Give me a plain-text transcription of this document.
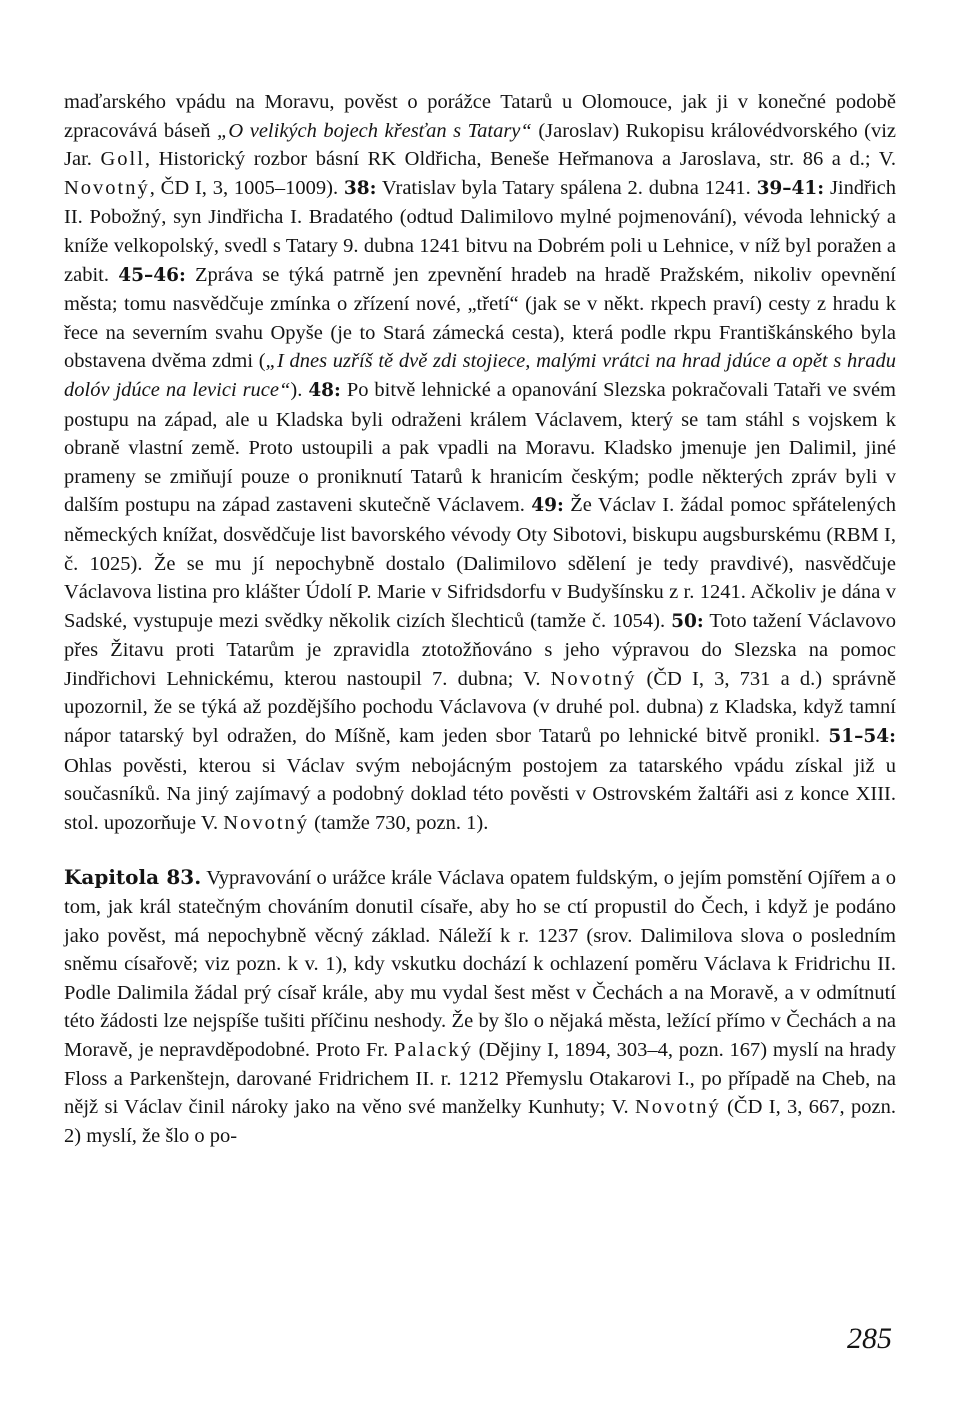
maďarského vpádu na Moravu, pověst o porážce Tatarů u Olomouce, jak ji v konečné podobě zpracovává báseň „O velikých bojech křesťan s Tatary“ (Jaroslav) Rukopisu královédvorského (viz Jar. Goll, Historický rozbor básní RK Oldřicha, Beneše Heřmanova a Jaroslava, str. 86 a d.; V. Novotný, ČD I, 3, 1005–1009). 38: Vratislav byla Tatary spálena 2. dubna 1241. 39–41: Jindřich II. Pobožný, syn Jindřicha I. Bradatého (odtud Dalimilovo mylné pojmenování), vévoda lehnický a kníže velkopolský, svedl s Tatary 9. dubna 1241 bitvu na Dobrém poli u Lehnice, v níž byl poražen a zabit. 45–46: Zpráva se týká patrně jen zpevnění hradeb na hradě Pražském, nikoliv opevnění města; tomu nasvědčuje zmínka o zřízení nové, „třetí“ (jak se v někt. rkpech praví) cesty z hradu k řece na severním svahu Opyše (je to Stará zámecká cesta), která podle rkpu Františkánského byla obstavena dvěma zdmi („I dnes uzříš tě dvě zdi stojiece, malými vrátci na hrad jdúce a opět s hradu dolóv jdúce na levici ruce“). 48: Po bitvě lehnické a opanování Slezska pokračovali Tataři ve svém postupu na západ, ale u Kladska byli odraženi králem Václavem, který se tam stáhl s vojskem k obraně vlastní země. Proto ustoupili a pak vpadli na Moravu. Kladsko jmenuje jen Dalimil, jiné prameny se zmiňují pouze o proniknutí Tatarů k hranicím českým; podle některých zpráv byli v dalším postupu na západ zastaveni skutečně Václavem. 49: Že Václav I. žádal pomoc spřátelených německých knížat, dosvědčuje list bavorského vévody Oty Sibotovi, biskupu augsburskému (RBM I, č. 1025). Že se mu jí nepochybně dostalo (Dalimilovo sdělení je tedy pravdivé), nasvědčuje Václavova listina pro klášter Údolí P. Marie v Sifridsdorfu v Budyšínsku z r. 1241. Ačkoliv je dána v Sadské, vystupuje mezi svědky několik cizích šlechticů (tamže č. 1054). 50: Toto tažení Václavovo přes Žitavu proti Tatarům je zpravidla ztotožňováno s jeho výpravou do Slezska na pomoc Jindřichovi Lehnickému, kterou nastoupil 7. dubna; V. Novotný (ČD I, 3, 731 a d.) správně upozornil, že se týká až pozdějšího pochodu Václavova (v druhé pol. dubna) z Kladska, když tamní nápor tatarský byl odražen, do Míšně, kam jeden sbor Tatarů po lehnické bitvě pronikl. 51–54: Ohlas pověsti, kterou si Václav svým nebojácným postojem za tatarského vpádu získal již u současníků. Na jiný zajímavý a podobný doklad této pověsti v Ostrovském žaltáři asi z konce XIII. stol. upozorňuje V. Novotný (tamže 730, pozn. 1).

Kapitola 83. Vypravování o urážce krále Václava opatem fuldským, o jejím pomstění Ojířem a o tom, jak král statečným chováním donutil císaře, aby ho se ctí propustil do Čech, i když je podáno jako pověst, má nepochybně věcný základ. Náleží k r. 1237 (srov. Dalimilova slova o posledním sněmu císařově; viz pozn. k v. 1), kdy vskutku dochází k ochlazení poměru Václava k Fridrichu II. Podle Dalimila žádal prý císař krále, aby mu vydal šest měst v Čechách a na Moravě, a v odmítnutí této žádosti lze nejspíše tušiti příčinu neshody. Že by šlo o nějaká města, ležící přímo v Čechách a na Moravě, je nepravděpodobné. Proto Fr. Palacký (Dějiny I, 1894, 303–4, pozn. 167) myslí na hrady Floss a Parkenštejn, darované Fridrichem II. r. 1212 Přemyslu Otakarovi I., po případě na Cheb, na nějž si Václav činil nároky jako na věno své manželky Kunhuty; V. Novotný (ČD I, 3, 667, pozn. 2) myslí, že šlo o po-

285
